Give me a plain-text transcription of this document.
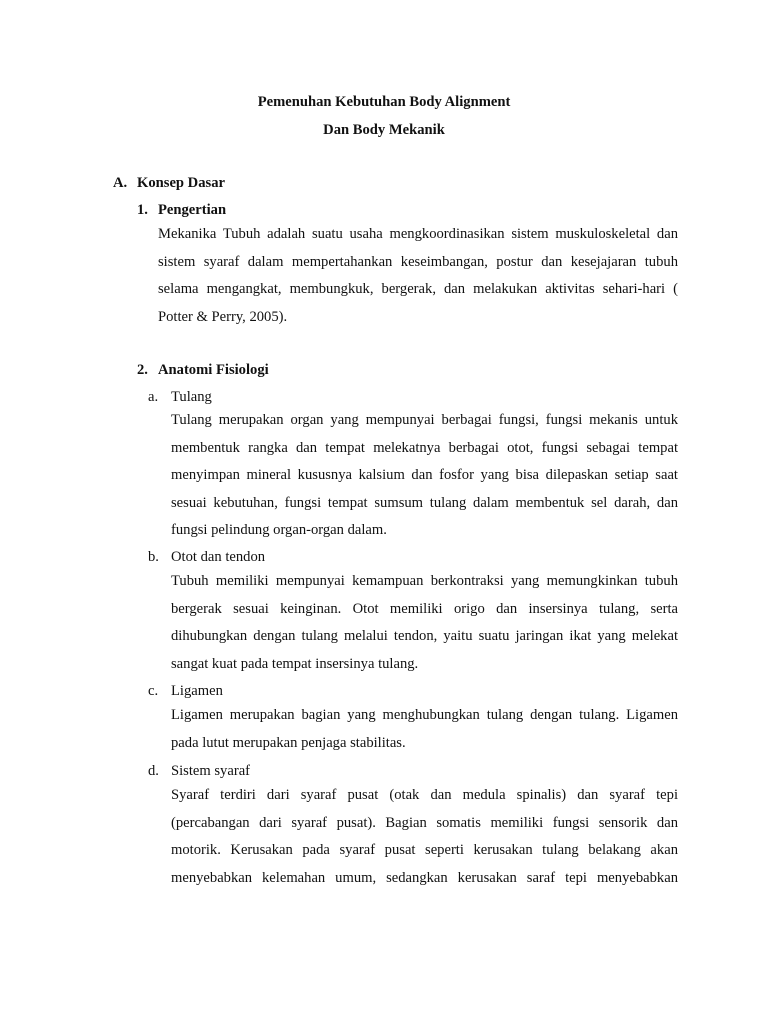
Pemenuhan Kebutuhan Body Alignment
Dan Body Mekanik
A. Konsep Dasar
1. Pengertian

Mekanika Tubuh adalah suatu usaha mengkoordinasikan sistem muskuloskeletal dan sistem syaraf dalam mempertahankan keseimbangan, postur dan kesejajaran tubuh selama mengangkat, membungkuk, bergerak, dan melakukan aktivitas sehari-hari ( Potter & Perry, 2005).

2. Anatomi Fisiologi
a. Tulang

Tulang merupakan organ yang mempunyai berbagai fungsi, fungsi mekanis untuk membentuk rangka dan tempat melekatnya berbagai otot, fungsi sebagai tempat menyimpan mineral kususnya kalsium dan fosfor yang bisa dilepaskan setiap saat sesuai kebutuhan, fungsi tempat sumsum tulang dalam membentuk sel darah, dan fungsi pelindung organ-organ dalam.

b. Otot dan tendon

Tubuh memiliki mempunyai kemampuan berkontraksi yang memungkinkan tubuh bergerak sesuai keinginan. Otot memiliki origo dan insersinya tulang, serta dihubungkan dengan tulang melalui tendon, yaitu suatu jaringan ikat yang melekat sangat kuat pada tempat insersinya tulang.

c. Ligamen

Ligamen merupakan bagian yang menghubungkan tulang dengan tulang. Ligamen pada lutut merupakan penjaga stabilitas.

d. Sistem syaraf

Syaraf terdiri dari syaraf pusat (otak dan medula spinalis) dan syaraf tepi (percabangan dari syaraf pusat). Bagian somatis memiliki fungsi sensorik dan motorik. Kerusakan pada syaraf pusat seperti kerusakan tulang belakang akan menyebabkan kelemahan umum, sedangkan kerusakan saraf tepi menyebabkan
